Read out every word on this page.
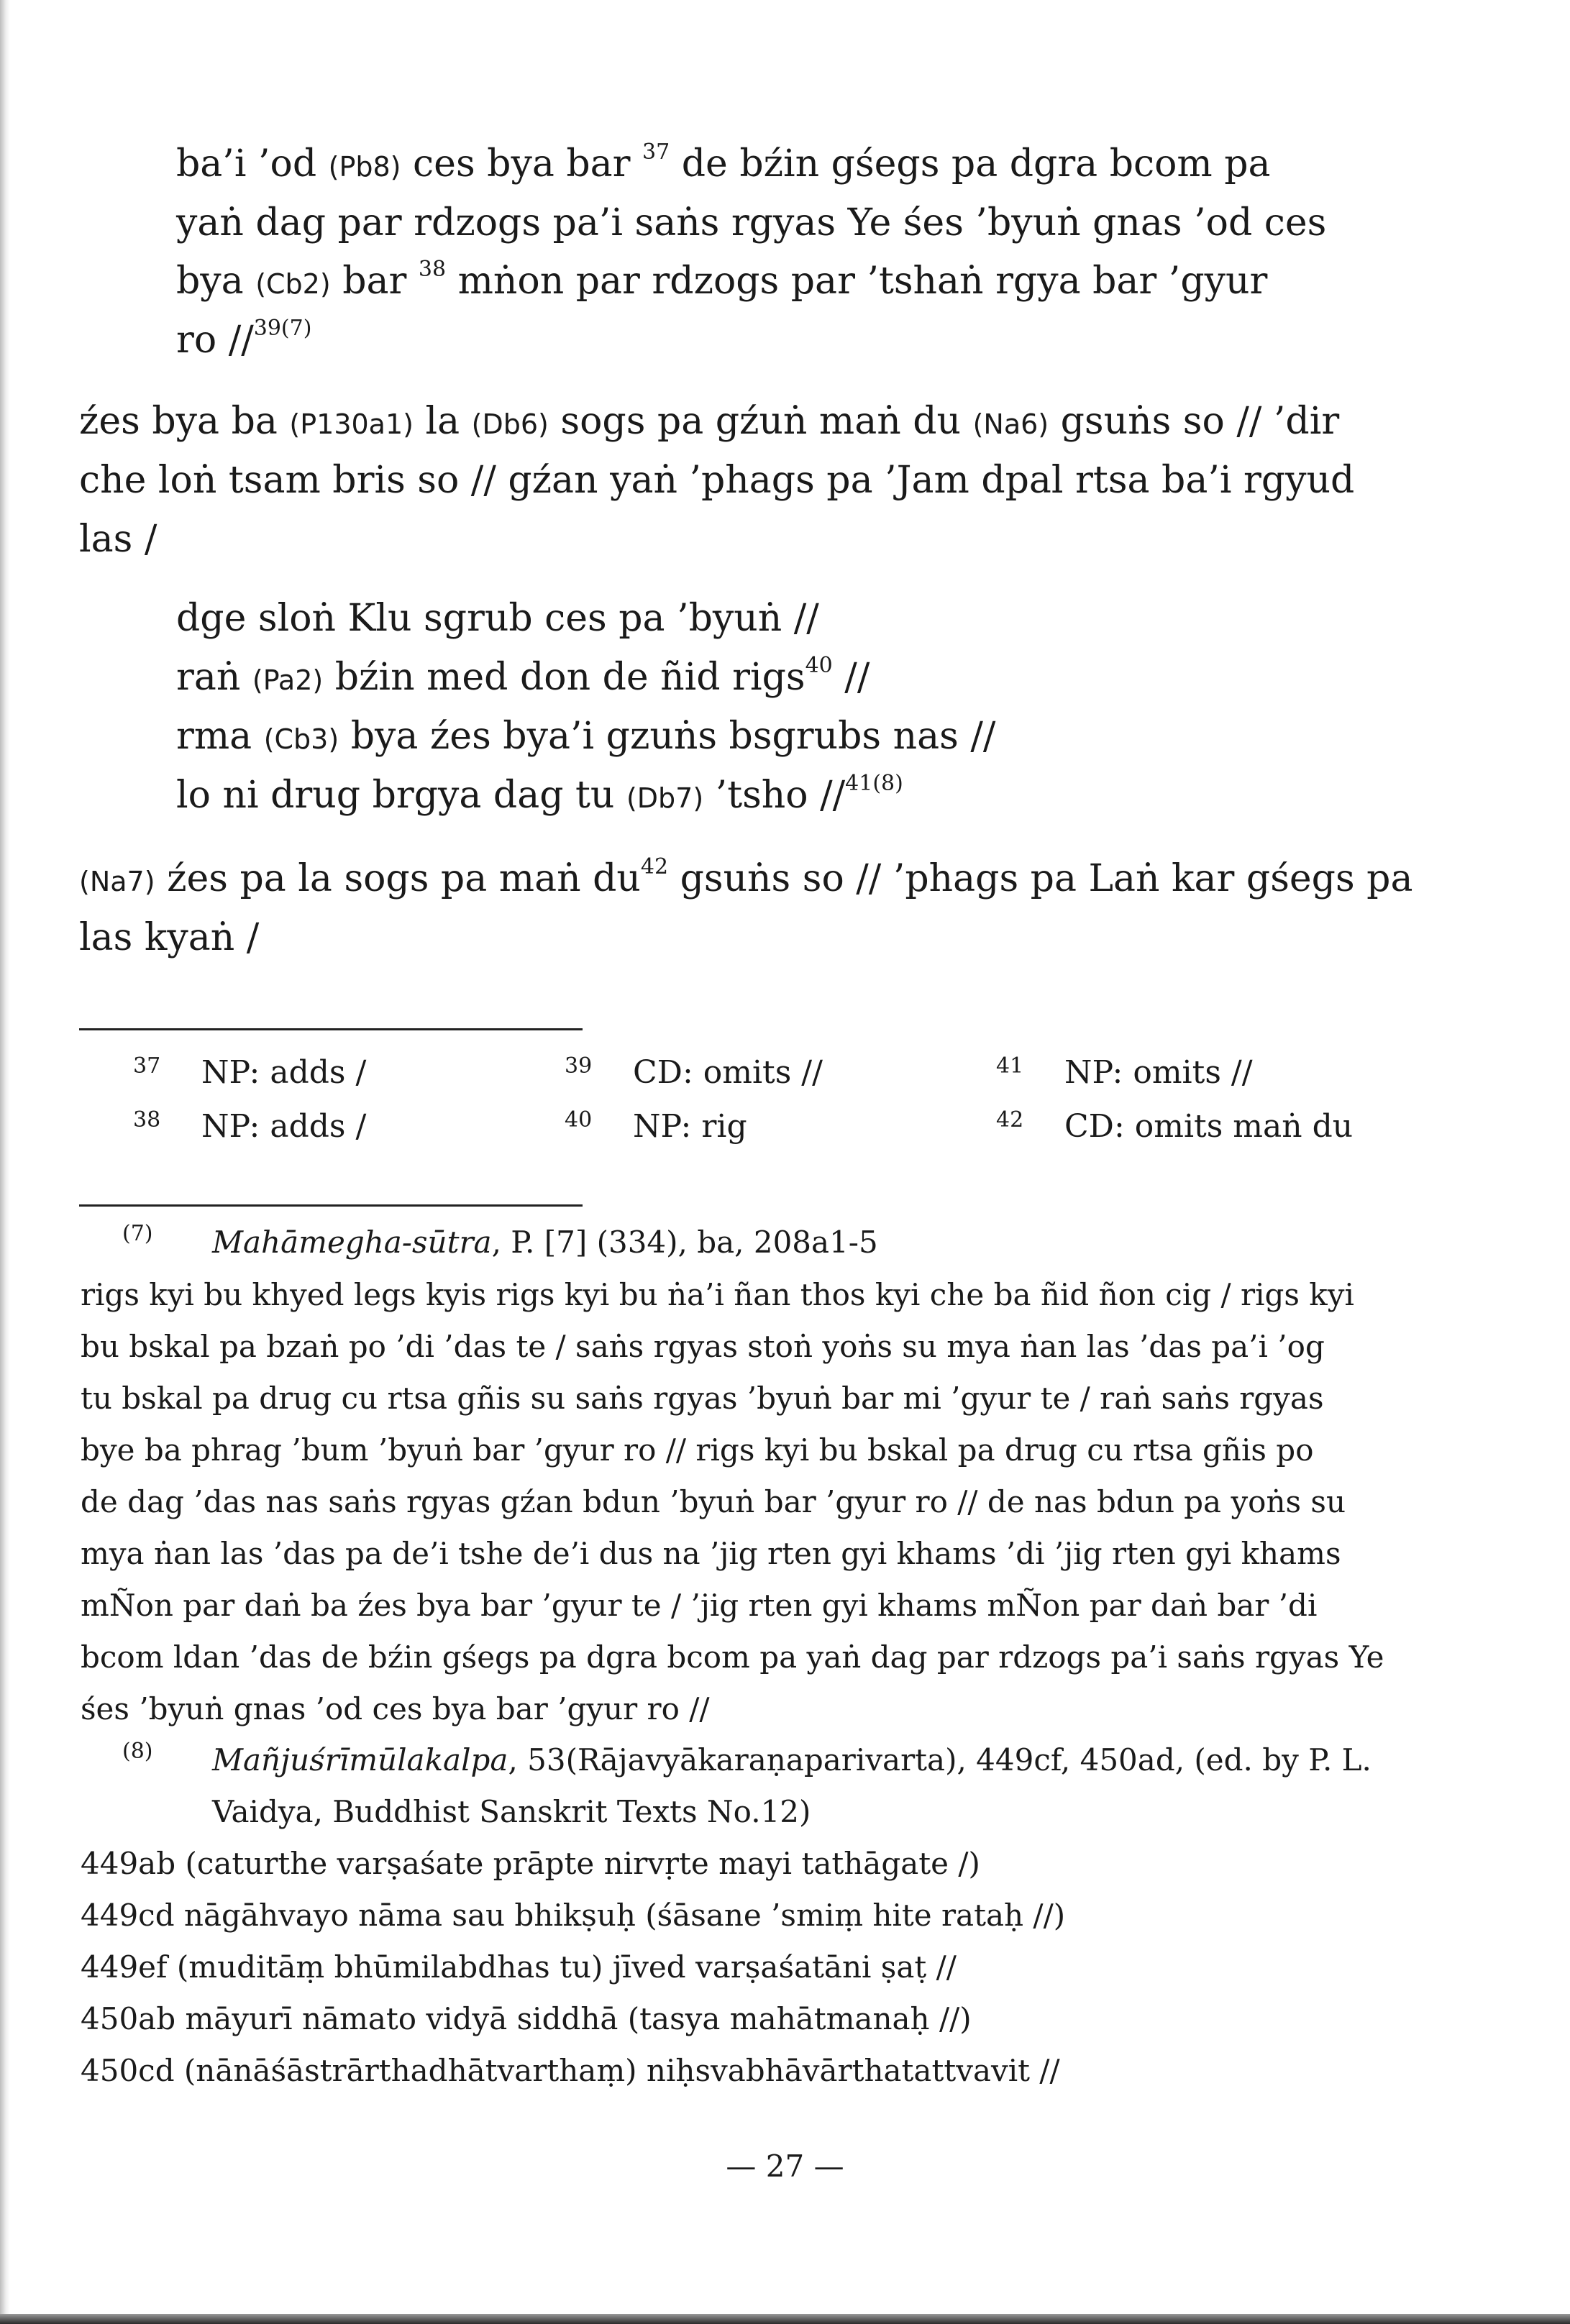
ba’i ’od (Pb8) ces bya bar $^{37}$ de bźin gśegs pa dgra bcom pa
yaṅ dag par rdzogs pa’i saṅs rgyas Ye śes ’byuṅ gnas ’od ces
bya (Cb2) bar $^{38}$ mṅon par rdzogs par ’tshaṅ rgya bar ’gyur
ro //$^{39(7)}$
źes bya ba (P130a1) la (Db6) sogs pa gźuṅ maṅ du (Na6) gsuṅs so // ’dir
che loṅ tsam bris so // gźan yaṅ ’phags pa ’Jam dpal rtsa ba’i rgyud
las /
dge sloṅ Klu sgrub ces pa ’byuṅ //
raṅ (Pa2) bźin med don de ñid rigs$^{40}$ //
rma (Cb3) bya źes bya’i gzuṅs bsgrubs nas //
lo ni drug brgya dag tu (Db7) ’tsho //$^{41(8)}$
(Na7) źes pa la sogs pa maṅ $du^{42}$ gsuṅs so // ’phags pa Laṅ kar gśegs pa
las kyaṅ /
37 NP: adds /
38 NP: adds /
39 CD: omits //
40 NP: rig
41 NP: omits //
42 CD: omits maṅ du
(7) Mahāmegha-sūtra, P. [7] (334), ba, 208a1-5
rigs kyi bu khyed legs kyis rigs kyi bu ṅa’i ñan thos kyi che ba ñid ñon cig / rigs kyi
bu bskal pa bzaṅ po ’di ’das te / saṅs rgyas stoṅ yoṅs su mya ṅan las ’das pa’i ’og
tu bskal pa drug cu rtsa gñis su saṅs rgyas ’byuṅ bar mi ’gyur te / raṅ saṅs rgyas
bye ba phrag ’bum ’byuṅ bar ’gyur ro // rigs kyi bu bskal pa drug cu rtsa gñis po
de dag ’das nas saṅs rgyas gźan bdun ’byuṅ bar ’gyur ro // de nas bdun pa yoṅs su
mya ṅan las ’das pa de’i tshe de’i dus na ’jig rten gyi khams ’di ’jig rten gyi khams
mÑon par daṅ ba źes bya bar ’gyur te / ’jig rten gyi khams mÑon par daṅ bar ’di
bcom ldan ’das de bźin gśegs pa dgra bcom pa yaṅ dag par rdzogs pa’i saṅs rgyas Ye
śes ’byuṅ gnas ’od ces bya bar ’gyur ro //
(8) Mañjuśrīmūlakalpa, 53(Rājavyākaraṇaparivarta), 449cf, 450ad, (ed. by P. L.
Vaidya, Buddhist Sanskrit Texts No.12)
449ab (caturthe varṣaśate prāpte nirvṛte mayi tathāgate /)
449cd nāgāhvayo nāma sau bhikṣuḥ (śāsane ’smiṃ hite rataḥ //)
449ef (muditāṃ bhūmilabdhas tu) jīved varṣaśatāni ṣaṭ //
450ab māyurī nāmato vidyā siddhā (tasya mahātmanaḥ //)
450cd (nānāśāstrārthadhātvarthaṃ) niḥsvabhāvārthatattvavit //
— 27 —
